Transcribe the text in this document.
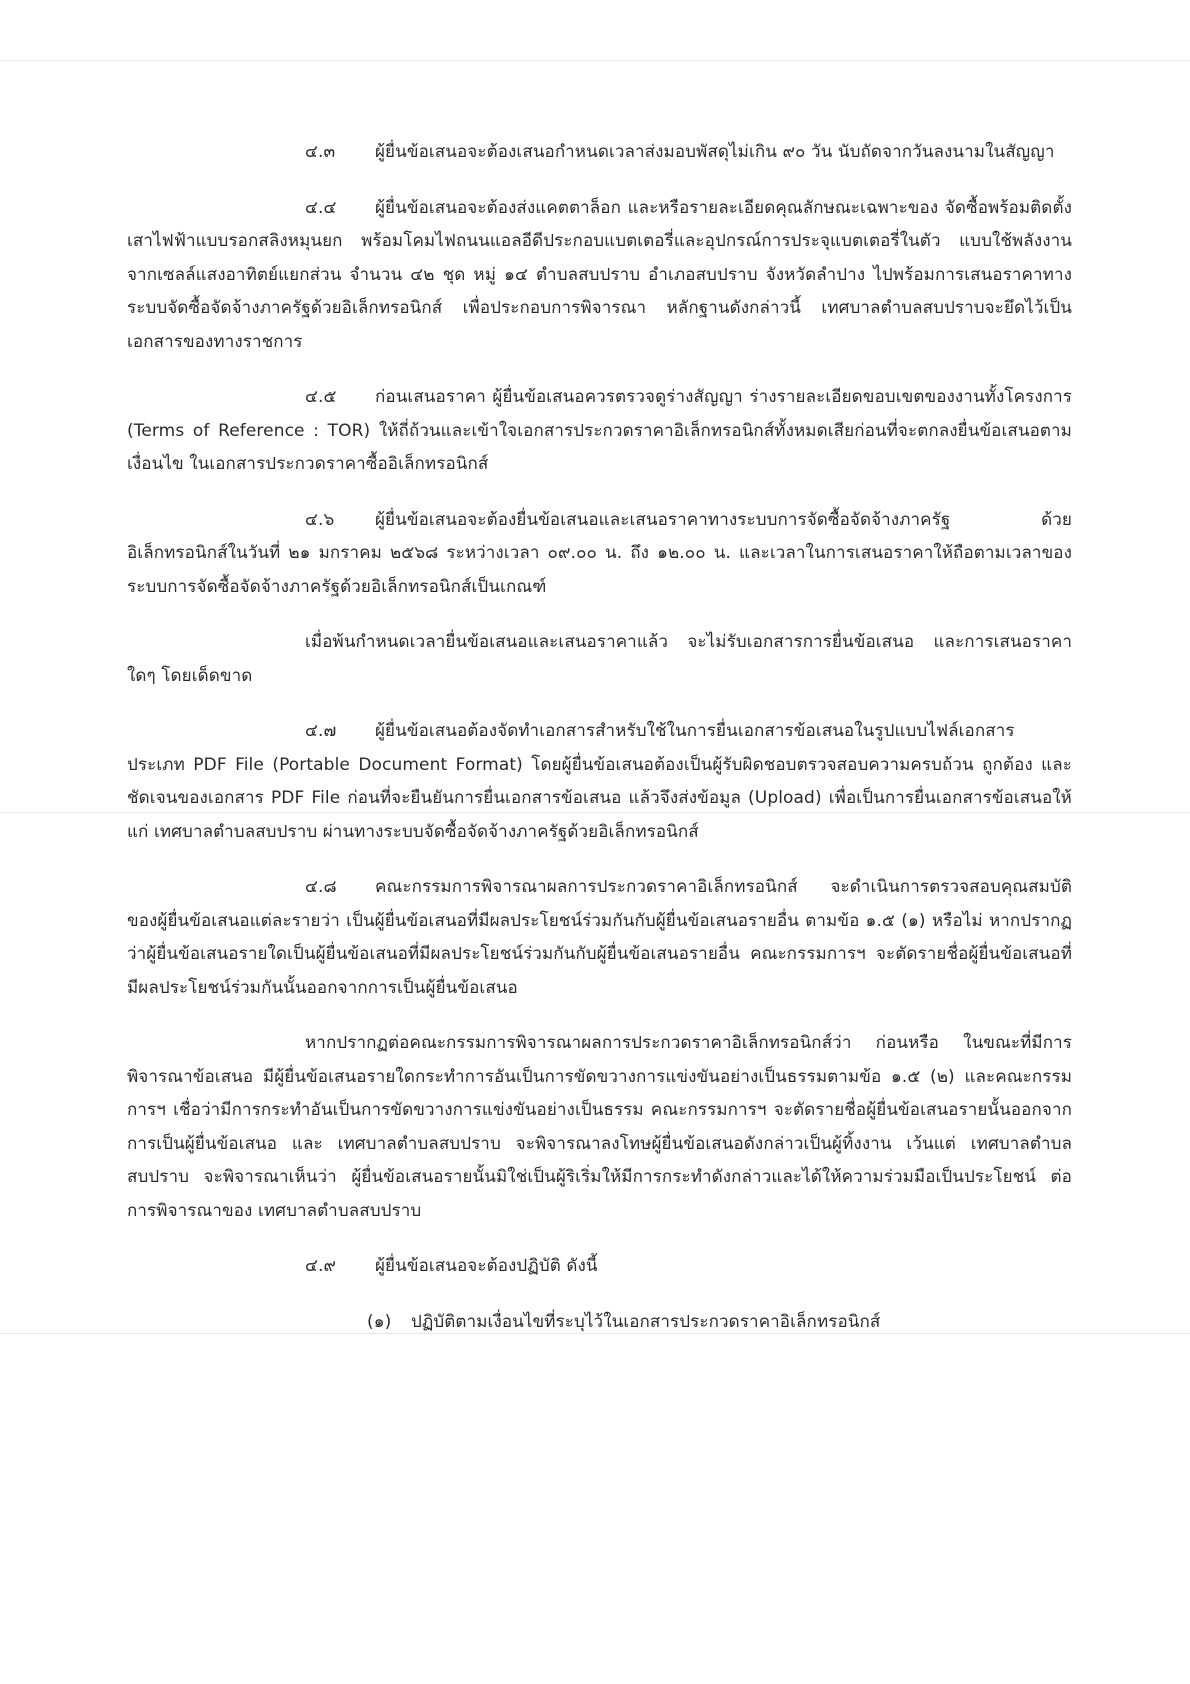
๔.๓ ผู้ยื่นข้อเสนอจะต้องเสนอกำหนดเวลาส่งมอบพัสดุไม่เกิน ๙๐ วัน นับถัดจากวันลงนามในสัญญา

๔.๔ ผู้ยื่นข้อเสนอจะต้องส่งแคตตาล็อก และหรือรายละเอียดคุณลักษณะเฉพาะของ จัดซื้อพร้อมติดตั้งเสาไฟฟ้าแบบรอกสลิงหมุนยก พร้อมโคมไฟถนนแอลอีดีประกอบแบตเตอรี่และอุปกรณ์การประจุแบตเตอรี่ในตัว แบบใช้พลังงานจากเซลล์แสงอาทิตย์แยกส่วน จำนวน ๔๒ ชุด หมู่ ๑๔ ตำบลสบปราบ อำเภอสบปราบ จังหวัดลำปาง ไปพร้อมการเสนอราคาทางระบบจัดซื้อจัดจ้างภาครัฐด้วยอิเล็กทรอนิกส์ เพื่อประกอบการพิจารณา หลักฐานดังกล่าวนี้ เทศบาลตำบลสบปราบจะยึดไว้เป็นเอกสารของทางราชการ

๔.๕ ก่อนเสนอราคา ผู้ยื่นข้อเสนอควรตรวจดูร่างสัญญา ร่างรายละเอียดขอบเขตของงานทั้งโครงการ (Terms of Reference : TOR) ให้ถี่ถ้วนและเข้าใจเอกสารประกวดราคาอิเล็กทรอนิกส์ทั้งหมดเสียก่อนที่จะตกลงยื่นข้อเสนอตามเงื่อนไข ในเอกสารประกวดราคาซื้ออิเล็กทรอนิกส์

๔.๖ ผู้ยื่นข้อเสนอจะต้องยื่นข้อเสนอและเสนอราคาทางระบบการจัดซื้อจัดจ้างภาครัฐ ด้วยอิเล็กทรอนิกส์ในวันที่ ๒๑ มกราคม ๒๕๖๘ ระหว่างเวลา ๐๙.๐๐ น. ถึง ๑๒.๐๐ น. และเวลาในการเสนอราคาให้ถือตามเวลาของระบบการจัดซื้อจัดจ้างภาครัฐด้วยอิเล็กทรอนิกส์เป็นเกณฑ์

เมื่อพ้นกำหนดเวลายื่นข้อเสนอและเสนอราคาแล้ว จะไม่รับเอกสารการยื่นข้อเสนอ และการเสนอราคาใดๆ โดยเด็ดขาด

๔.๗ ผู้ยื่นข้อเสนอต้องจัดทำเอกสารสำหรับใช้ในการยื่นเอกสารข้อเสนอในรูปแบบไฟล์เอกสารประเภท PDF File (Portable Document Format) โดยผู้ยื่นข้อเสนอต้องเป็นผู้รับผิดชอบตรวจสอบความครบถ้วน ถูกต้อง และชัดเจนของเอกสาร PDF File ก่อนที่จะยืนยันการยื่นเอกสารข้อเสนอ แล้วจึงส่งข้อมูล (Upload) เพื่อเป็นการยื่นเอกสารข้อเสนอให้แก่ เทศบาลตำบลสบปราบ ผ่านทางระบบจัดซื้อจัดจ้างภาครัฐด้วยอิเล็กทรอนิกส์

๔.๘ คณะกรรมการพิจารณาผลการประกวดราคาอิเล็กทรอนิกส์ จะดำเนินการตรวจสอบคุณสมบัติของผู้ยื่นข้อเสนอแต่ละรายว่า เป็นผู้ยื่นข้อเสนอที่มีผลประโยชน์ร่วมกันกับผู้ยื่นข้อเสนอรายอื่น ตามข้อ ๑.๕ (๑) หรือไม่ หากปรากฏว่าผู้ยื่นข้อเสนอรายใดเป็นผู้ยื่นข้อเสนอที่มีผลประโยชน์ร่วมกันกับผู้ยื่นข้อเสนอรายอื่น คณะกรรมการฯ จะตัดรายชื่อผู้ยื่นข้อเสนอที่มีผลประโยชน์ร่วมกันนั้นออกจากการเป็นผู้ยื่นข้อเสนอ

หากปรากฏต่อคณะกรรมการพิจารณาผลการประกวดราคาอิเล็กทรอนิกส์ว่า ก่อนหรือ ในขณะที่มีการพิจารณาข้อเสนอ มีผู้ยื่นข้อเสนอรายใดกระทำการอันเป็นการขัดขวางการแข่งขันอย่างเป็นธรรมตามข้อ ๑.๕ (๒) และคณะกรรมการฯ เชื่อว่ามีการกระทำอันเป็นการขัดขวางการแข่งขันอย่างเป็นธรรม คณะกรรมการฯ จะตัดรายชื่อผู้ยื่นข้อเสนอรายนั้นออกจากการเป็นผู้ยื่นข้อเสนอ และ เทศบาลตำบลสบปราบ จะพิจารณาลงโทษผู้ยื่นข้อเสนอดังกล่าวเป็นผู้ทิ้งงาน เว้นแต่ เทศบาลตำบลสบปราบ จะพิจารณาเห็นว่า ผู้ยื่นข้อเสนอรายนั้นมิใช่เป็นผู้ริเริ่มให้มีการกระทำดังกล่าวและได้ให้ความร่วมมือเป็นประโยชน์ ต่อการพิจารณาของ เทศบาลตำบลสบปราบ

๔.๙ ผู้ยื่นข้อเสนอจะต้องปฏิบัติ ดังนี้

(๑) ปฏิบัติตามเงื่อนไขที่ระบุไว้ในเอกสารประกวดราคาอิเล็กทรอนิกส์
